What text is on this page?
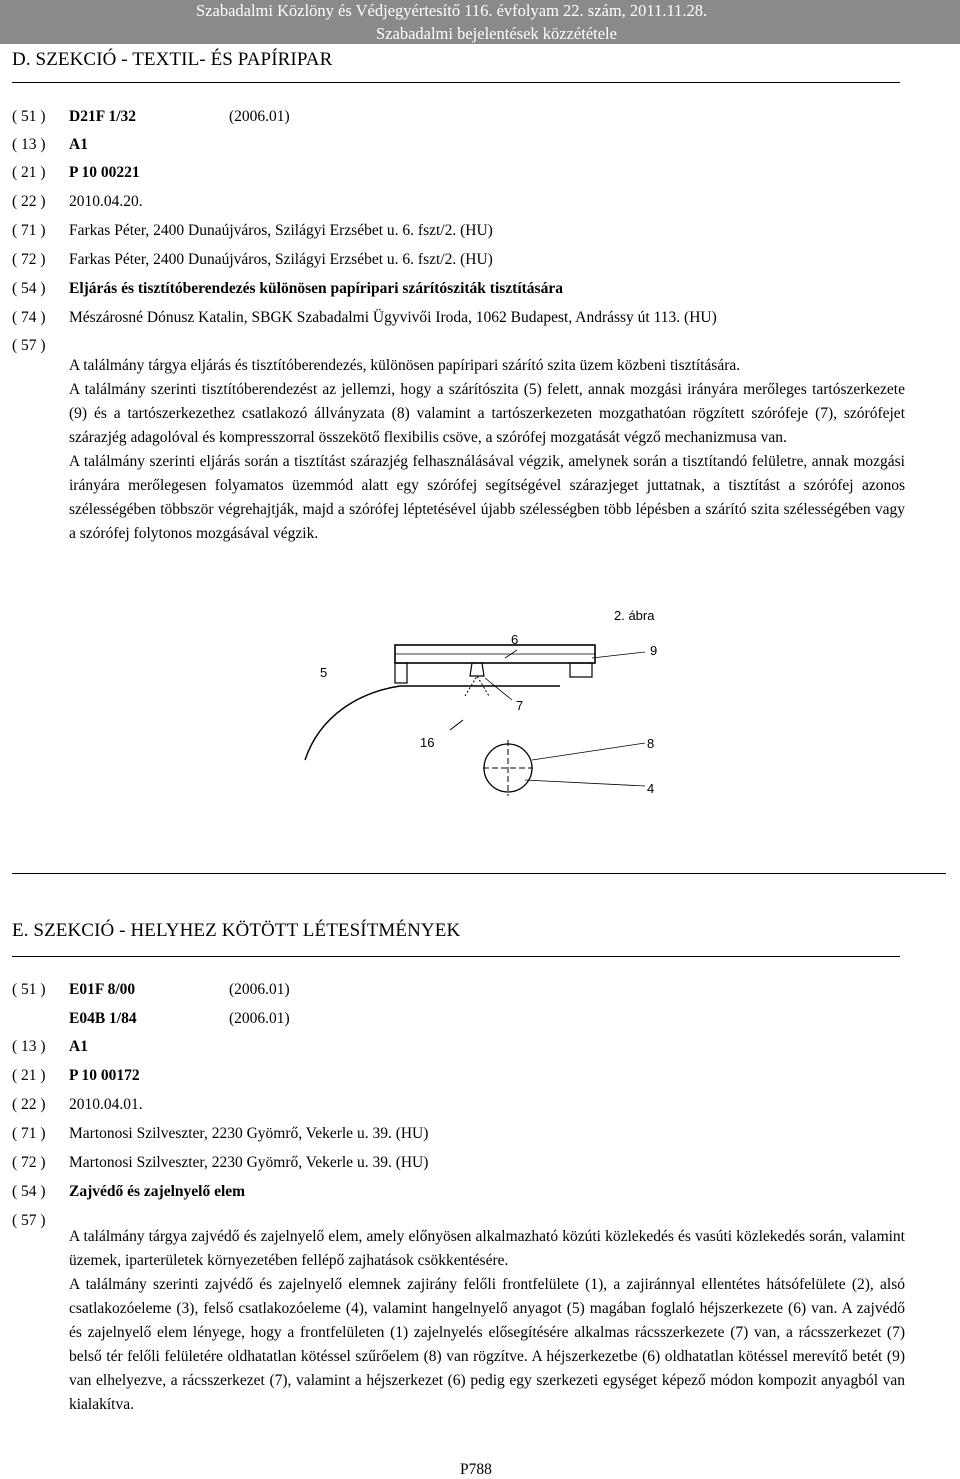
Szabadalmi Közlöny és Védjegyértesítő 116. évfolyam 22. szám, 2011.11.28.
Szabadalmi bejelentések közzététele
D. SZEKCIÓ - TEXTIL- ÉS PAPÍRIPAR
( 51 ) D21F 1/32	(2006.01)
( 13 ) A1
( 21 ) P 10 00221
( 22 ) 2010.04.20.
( 71 ) Farkas Péter, 2400 Dunaújváros, Szilágyi Erzsébet u. 6. fszt/2. (HU)
( 72 ) Farkas Péter, 2400 Dunaújváros, Szilágyi Erzsébet u. 6. fszt/2. (HU)
( 54 ) Eljárás és tisztítóberendezés különösen papíripari szárítósziták tisztítására
( 74 ) Mészárosné Dónusz Katalin, SBGK Szabadalmi Ügyvivői Iroda, 1062 Budapest, Andrássy út 113. (HU)
( 57 )

A találmány tárgya eljárás és tisztítóberendezés, különösen papíripari szárító szita üzem közbeni tisztítására.

A találmány szerinti tisztítóberendezést az jellemzi, hogy a szárítószita (5) felett, annak mozgási irányára merőleges tartószerkezete (9) és a tartószerkezethez csatlakozó állványzata (8) valamint a tartószerkezeten mozgathatóan rögzített szórófeje (7), szórófejet szárazjég adagolóval és kompresszorral összekötő flexibilis csöve, a szórófej mozgatását végző mechanizmusa van.

A találmány szerinti eljárás során a tisztítást szárazjég felhasználásával végzik, amelynek során a tisztítandó felületre, annak mozgási irányára merőlegesen folyamatos üzemmód alatt egy szórófej segítségével szárazjeget juttatnak, a tisztítást a szórófej azonos szélességében többször végrehajtják, majd a szórófej léptetésével újabb szélességben több lépésben a szárító szita szélességében vagy a szórófej folytonos mozgásával végzik.

2. ábra
6
9
5
7
16	8
4
E. SZEKCIÓ - HELYHEZ KÖTÖTT LÉTESÍTMÉNYEK
( 51 ) E01F 8/00	(2006.01)
E04B 1/84	(2006.01)
( 13 ) A1
( 21 ) P 10 00172
( 22 ) 2010.04.01.
( 71 ) Martonosi Szilveszter, 2230 Gyömrő, Vekerle u. 39. (HU)
( 72 ) Martonosi Szilveszter, 2230 Gyömrő, Vekerle u. 39. (HU)
( 54 ) Zajvédő és zajelnyelő elem
( 57 )

A találmány tárgya zajvédő és zajelnyelő elem, amely előnyösen alkalmazható közúti közlekedés és vasúti közlekedés során, valamint üzemek, iparterületek környezetében fellépő zajhatások csökkentésére.

A találmány szerinti zajvédő és zajelnyelő elemnek zajirány felőli frontfelülete (1), a zajiránnyal ellentétes hátsófelülete (2), alsó csatlakozóeleme (3), felső csatlakozóeleme (4), valamint hangelnyelő anyagot (5) magában foglaló héjszerkezete (6) van. A zajvédő és zajelnyelő elem lényege, hogy a frontfelületen (1) zajelnyelés elősegítésére alkalmas rácsszerkezete (7) van, a rácsszerkezet (7) belső tér felőli felületére oldhatatlan kötéssel szűrőelem (8) van rögzítve. A héjszerkezetbe (6) oldhatatlan kötéssel merevítő betét (9) van elhelyezve, a rácsszerkezet (7), valamint a héjszerkezet (6) pedig egy szerkezeti egységet képező módon kompozit anyagból van kialakítva.

P788
